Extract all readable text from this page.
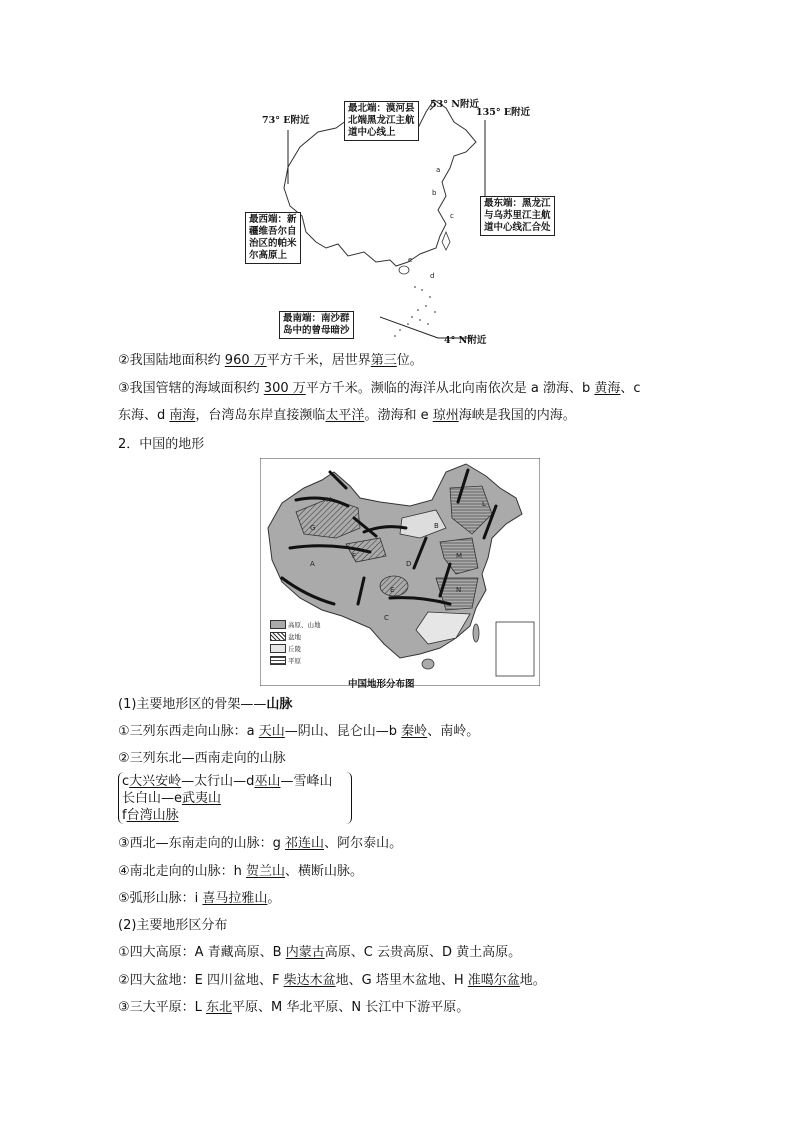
a
b
c
d
e
73° E附近
53° N附近
135° E附近
4° N附近
最北端：漠河县
北端黑龙江主航
道中心线上
最西端：新
疆维吾尔自
治区的帕米
尔高原上
最东端：黑龙江
与乌苏里江主航
道中心线汇合处
最南端：南沙群
岛中的曾母暗沙
②我国陆地面积约 960 万平方千米，居世界第三位。
③我国管辖的海域面积约 300 万平方千米。濒临的海洋从北向南依次是 a 渤海、b 黄海、c
东海、d 南海，台湾岛东岸直接濒临太平洋。渤海和 e 琼州海峡是我国的内海。
2．中国的地形
A
B
C
D
E
F
G
H	L
M
N
高原、山地
盆地
丘陵
平原
中国地形分布图
(1)主要地形区的骨架——山脉
①三列东西走向山脉：a 天山—阴山、昆仑山—b 秦岭、南岭。
②三列东北—西南走向的山脉
c大兴安岭—太行山—d巫山—雪峰山
长白山—e武夷山
f台湾山脉
③西北—东南走向的山脉：g 祁连山、阿尔泰山。
④南北走向的山脉：h 贺兰山、横断山脉。
⑤弧形山脉：i 喜马拉雅山。
(2)主要地形区分布
①四大高原：A 青藏高原、B 内蒙古高原、C 云贵高原、D 黄土高原。
②四大盆地：E 四川盆地、F 柴达木盆地、G 塔里木盆地、H 准噶尔盆地。
③三大平原：L 东北平原、M 华北平原、N 长江中下游平原。
